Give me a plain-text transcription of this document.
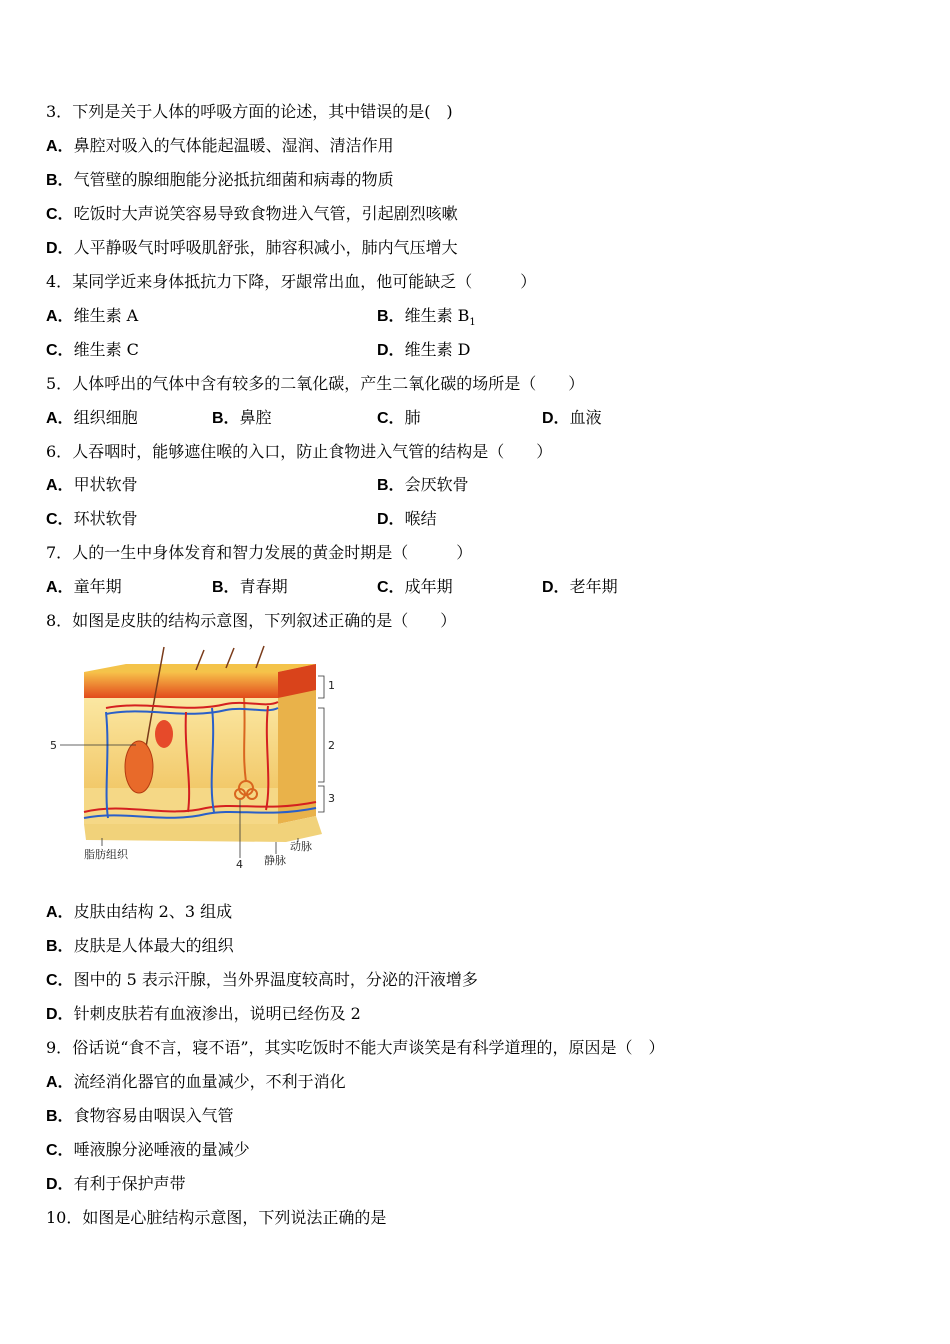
3．下列是关于人体的呼吸方面的论述，其中错误的是(　)
A．鼻腔对吸入的气体能起温暖、湿润、清洁作用
B．气管壁的腺细胞能分泌抵抗细菌和病毒的物质
C．吃饭时大声说笑容易导致食物进入气管，引起剧烈咳嗽
D．人平静吸气时呼吸肌舒张，肺容积减小，肺内气压增大
4．某同学近来身体抵抗力下降，牙龈常出血，他可能缺乏（　　　）
A．维生素 A	B．维生素 $B_1$
C．维生素 C	D．维生素 D
5．人体呼出的气体中含有较多的二氧化碳，产生二氧化碳的场所是（　　）
A．组织细胞	B．鼻腔	C．肺	D．血液
6．人吞咽时，能够遮住喉的入口，防止食物进入气管的结构是（　　）
A．甲状软骨	B．会厌软骨
C．环状软骨	D．喉结
7．人的一生中身体发育和智力发展的黄金时期是（　　　）
A．童年期	B．青春期	C．成年期	D．老年期
8．如图是皮肤的结构示意图，下列叙述正确的是（　　）
1
2
3
4
5
脂肪组织	静脉
动脉
A．皮肤由结构 2、3 组成
B．皮肤是人体最大的组织
C．图中的 5 表示汗腺，当外界温度较高时，分泌的汗液增多
D．针刺皮肤若有血液渗出，说明已经伤及 2
9．俗话说“食不言，寝不语”，其实吃饭时不能大声谈笑是有科学道理的，原因是（　）
A．流经消化器官的血量减少，不利于消化
B．食物容易由咽误入气管
C．唾液腺分泌唾液的量减少
D．有利于保护声带
10．如图是心脏结构示意图，下列说法正确的是
